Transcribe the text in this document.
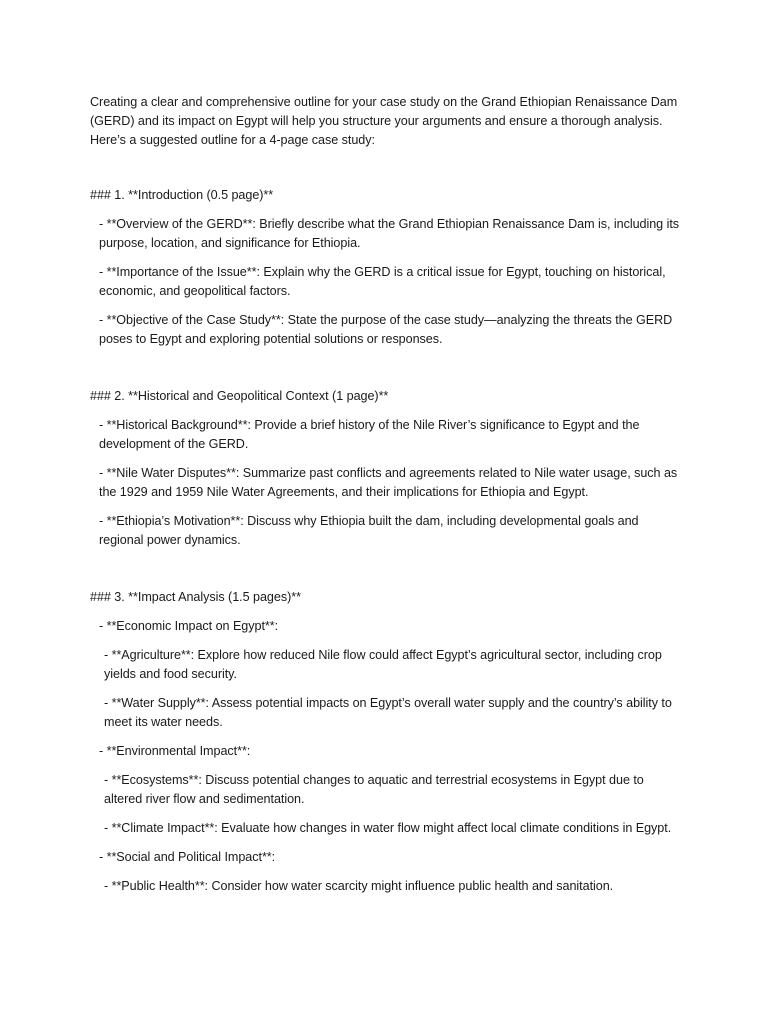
Creating a clear and comprehensive outline for your case study on the Grand Ethiopian Renaissance Dam (GERD) and its impact on Egypt will help you structure your arguments and ensure a thorough analysis. Here’s a suggested outline for a 4-page case study:

### 1. **Introduction (0.5 page)**

- **Overview of the GERD**: Briefly describe what the Grand Ethiopian Renaissance Dam is, including its purpose, location, and significance for Ethiopia.

- **Importance of the Issue**: Explain why the GERD is a critical issue for Egypt, touching on historical, economic, and geopolitical factors.

- **Objective of the Case Study**: State the purpose of the case study—analyzing the threats the GERD poses to Egypt and exploring potential solutions or responses.

### 2. **Historical and Geopolitical Context (1 page)**

- **Historical Background**: Provide a brief history of the Nile River’s significance to Egypt and the development of the GERD.

- **Nile Water Disputes**: Summarize past conflicts and agreements related to Nile water usage, such as the 1929 and 1959 Nile Water Agreements, and their implications for Ethiopia and Egypt.

- **Ethiopia’s Motivation**: Discuss why Ethiopia built the dam, including developmental goals and regional power dynamics.

### 3. **Impact Analysis (1.5 pages)**

- **Economic Impact on Egypt**:

- **Agriculture**: Explore how reduced Nile flow could affect Egypt’s agricultural sector, including crop yields and food security.

- **Water Supply**: Assess potential impacts on Egypt’s overall water supply and the country’s ability to meet its water needs.

- **Environmental Impact**:

- **Ecosystems**: Discuss potential changes to aquatic and terrestrial ecosystems in Egypt due to altered river flow and sedimentation.

- **Climate Impact**: Evaluate how changes in water flow might affect local climate conditions in Egypt.

- **Social and Political Impact**:

- **Public Health**: Consider how water scarcity might influence public health and sanitation.
